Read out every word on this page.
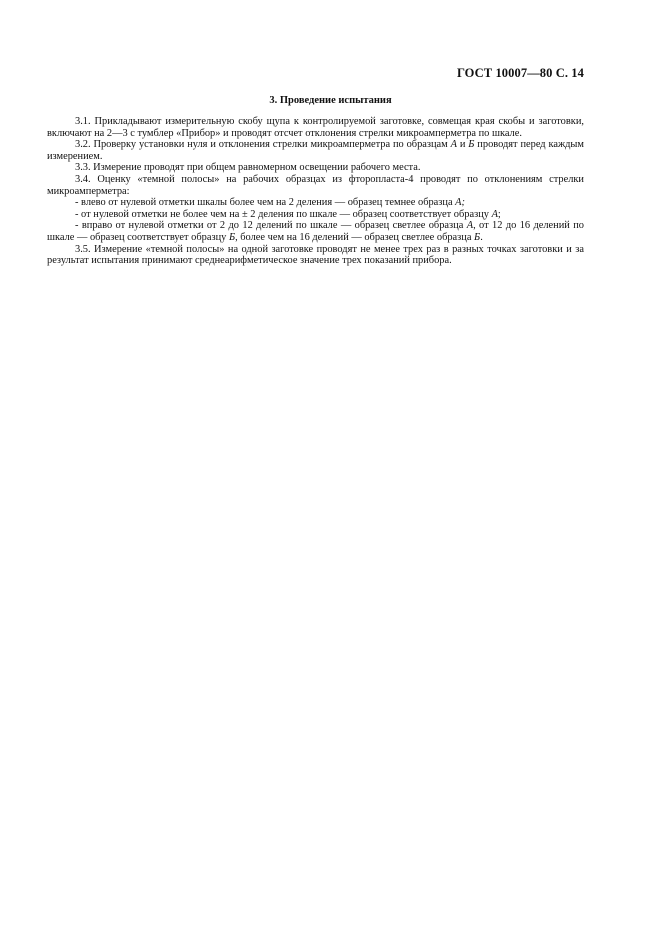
ГОСТ 10007—80 С. 14
3. Проведение испытания

3.1. Прикладывают измерительную скобу щупа к контролируемой заготовке, совмещая края скобы и заготовки, включают на 2—3 с тумблер «Прибор» и проводят отсчет отклонения стрелки микроамперметра по шкале.

3.2. Проверку установки нуля и отклонения стрелки микроамперметра по образцам А и Б проводят перед каждым измерением.

3.3. Измерение проводят при общем равномерном освещении рабочего места.

3.4. Оценку «темной полосы» на рабочих образцах из фторопласта-4 проводят по отклонениям стрелки микроамперметра:

- влево от нулевой отметки шкалы более чем на 2 деления — образец темнее образца А;

- от нулевой отметки не более чем на ± 2 деления по шкале — образец соответствует образцу А;

- вправо от нулевой отметки от 2 до 12 делений по шкале — образец светлее образца А, от 12 до 16 делений по шкале — образец соответствует образцу Б, более чем на 16 делений — образец светлее образца Б.

3.5. Измерение «темной полосы» на одной заготовке проводят не менее трех раз в разных точках заготовки и за результат испытания принимают среднеарифметическое значение трех показаний прибора.
